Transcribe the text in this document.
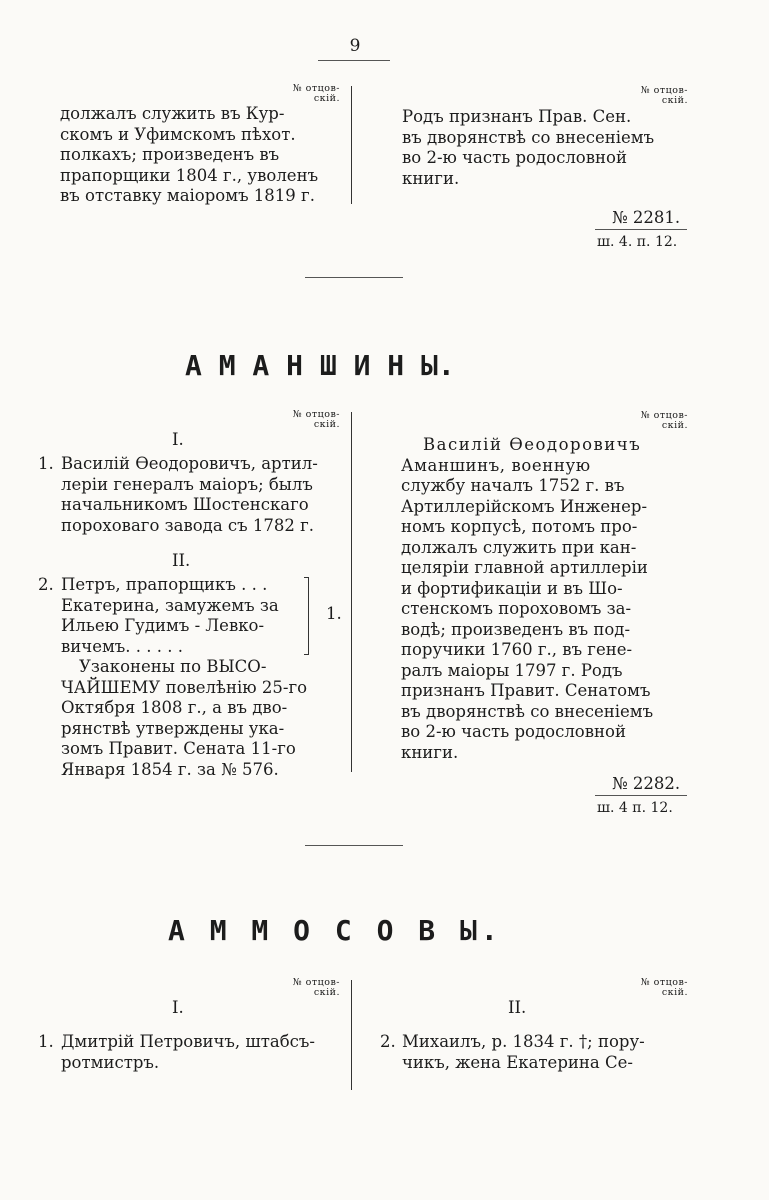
9
№ отцов-
скій.
должалъ служить въ Кур-
скомъ и Уфимскомъ пѣхот.
полкахъ; произведенъ въ
прапорщики 1804 г., уволенъ
въ отставку маіоромъ 1819 г.
№ отцов-
скій.
Родъ признанъ Прав. Сен.
въ дворянствѣ со внесеніемъ
во 2-ю часть родословной
книги.
№ 2281.
ш. 4. п. 12.
А М А Н Ш И Н Ы.
№ отцов-
скій.
I.
1. Василій Ѳеодоровичъ, артил-
леріи генералъ маіоръ; былъ
начальникомъ Шостенскаго
пороховаго завода съ 1782 г.
II.
2. Петръ, прапорщикъ . . .
Екатерина, замужемъ за
Ильею Гудимъ - Левко-
вичемъ. . . . . .
1.
Узаконены по ВЫСО-
ЧАЙШЕМУ повелѣнію 25-го
Октября 1808 г., а въ дво-
рянствѣ утверждены ука-
зомъ Правит. Сената 11-го
Января 1854 г. за № 576.
№ отцов-
скій.
Василій Ѳеодоровичъ
Аманшинъ, военную
службу началъ 1752 г. въ
Артиллерійскомъ Инженер-
номъ корпусѣ, потомъ про-
должалъ служить при кан-
целяріи главной артиллеріи
и фортификаціи и въ Шо-
стенскомъ пороховомъ за-
водѣ; произведенъ въ под-
поручики 1760 г., въ гене-
ралъ маіоры 1797 г. Родъ
признанъ Правит. Сенатомъ
въ дворянствѣ со внесеніемъ
во 2-ю часть родословной
книги.
№ 2282.
ш. 4 п. 12.
А М М О С О В Ы.
№ отцов-
скій.
I.
1. Дмитрій Петровичъ, штабсъ-
ротмистръ.
№ отцов-
скій.
II.
2. Михаилъ, р. 1834 г. †; пору-
чикъ, жена Екатерина Се-
